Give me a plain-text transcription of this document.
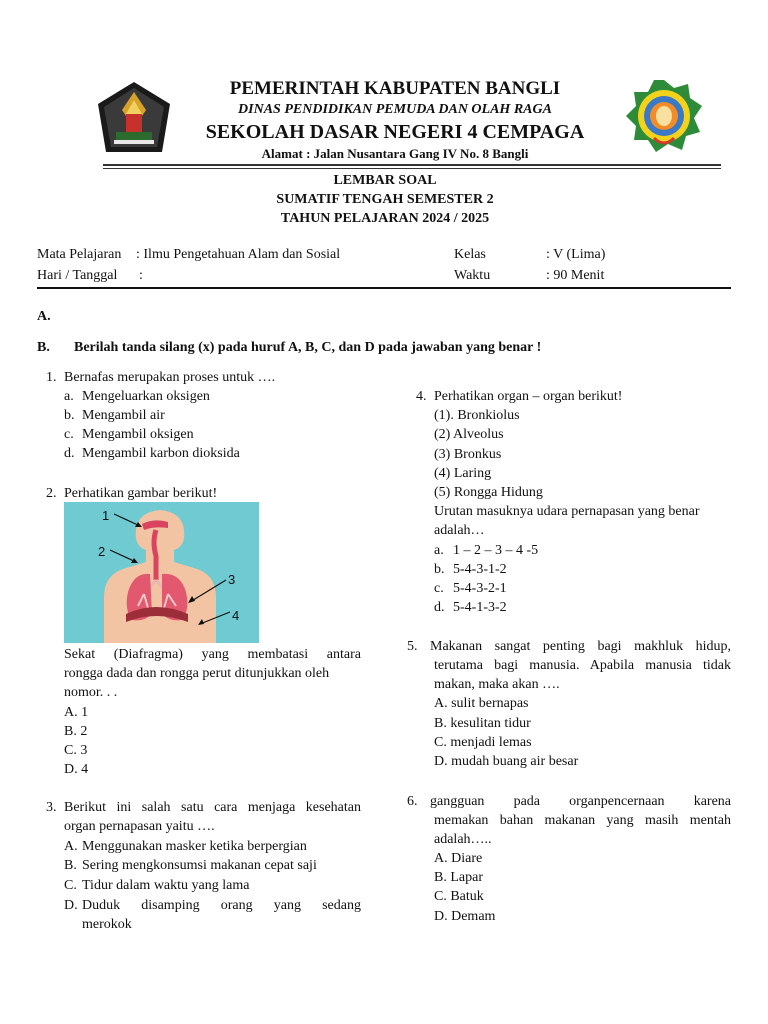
PEMERINTAH KABUPATEN BANGLI
DINAS PENDIDIKAN PEMUDA DAN OLAH RAGA
SEKOLAH DASAR NEGERI 4 CEMPAGA
Alamat : Jalan Nusantara Gang IV No. 8 Bangli
LEMBAR SOAL
SUMATIF TENGAH SEMESTER 2
TAHUN PELAJARAN 2024 / 2025
Mata Pelajaran : Ilmu Pengetahuan Alam dan Sosial
Hari / Tanggal :
Kelas	: V (Lima)
Waktu	: 90 Menit
A.
B. Berilah tanda silang (x) pada huruf A, B, C, dan D pada jawaban yang benar !
1. Bernafas merupakan proses untuk ….
a. Mengeluarkan oksigen
b. Mengambil air
c. Mengambil oksigen
d. Mengambil karbon dioksida
2. Perhatikan gambar berikut!
1
2
3
4
Sekat (Diafragma) yang membatasi antara
rongga dada dan rongga perut ditunjukkan oleh
nomor. . .
A. 1
B. 2
C. 3
D. 4
3. Berikut ini salah satu cara menjaga kesehatan
organ pernapasan yaitu ….
A. Menggunakan masker ketika berpergian
B. Sering mengkonsumsi makanan cepat saji
C. Tidur dalam waktu yang lama
D. Duduk disamping orang yang sedang
merokok
4. Perhatikan organ – organ berikut!
(1). Bronkiolus
(2) Alveolus
(3) Bronkus
(4) Laring
(5) Rongga Hidung
Urutan masuknya udara pernapasan yang benar
adalah…
a. 1 – 2 – 3 – 4 -5
b. 5-4-3-1-2
c. 5-4-3-2-1
d. 5-4-1-3-2
5. Makanan sangat penting bagi makhluk hidup,
terutama bagi manusia. Apabila manusia tidak
makan, maka akan ….
A. sulit bernapas
B. kesulitan tidur
C. menjadi lemas
D. mudah buang air besar
6. gangguan pada organpencernaan karena
memakan bahan makanan yang masih mentah
adalah…..
A. Diare
B. Lapar
C. Batuk
D. Demam
